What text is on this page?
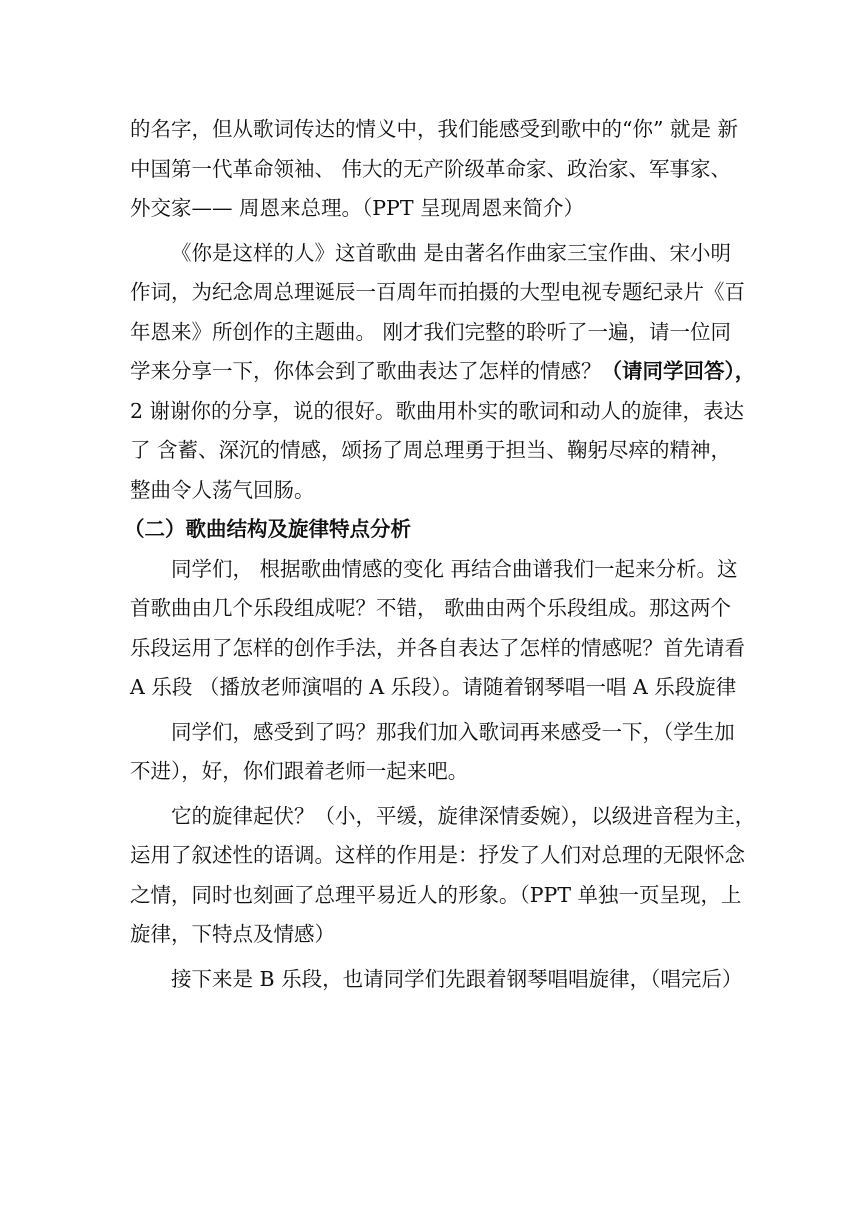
的名字，但从歌词传达的情义中，我们能感受到歌中的“你” 就是 新
中国第一代革命领袖、 伟大的无产阶级革命家、政治家、军事家、
外交家—— 周恩来总理。（PPT 呈现周恩来简介）
《你是这样的人》这首歌曲 是由著名作曲家三宝作曲、宋小明
作词，为纪念周总理诞辰一百周年而拍摄的大型电视专题纪录片《百
年恩来》所创作的主题曲。 刚才我们完整的聆听了一遍，请一位同
学来分享一下，你体会到了歌曲表达了怎样的情感？（请同学回答），
2 谢谢你的分享，说的很好。歌曲用朴实的歌词和动人的旋律，表达
了 含蓄、深沉的情感，颂扬了周总理勇于担当、鞠躬尽瘁的精神，
整曲令人荡气回肠。
（二）歌曲结构及旋律特点分析
同学们， 根据歌曲情感的变化 再结合曲谱我们一起来分析。这
首歌曲由几个乐段组成呢？不错， 歌曲由两个乐段组成。那这两个
乐段运用了怎样的创作手法，并各自表达了怎样的情感呢？首先请看
A 乐段 （播放老师演唱的 A 乐段）。请随着钢琴唱一唱 A 乐段旋律
同学们，感受到了吗？那我们加入歌词再来感受一下，（学生加
不进），好，你们跟着老师一起来吧。
它的旋律起伏？（小，平缓，旋律深情委婉），以级进音程为主，
运用了叙述性的语调。这样的作用是：抒发了人们对总理的无限怀念
之情，同时也刻画了总理平易近人的形象。（PPT 单独一页呈现，上
旋律，下特点及情感）
接下来是 B 乐段，也请同学们先跟着钢琴唱唱旋律，（唱完后）
